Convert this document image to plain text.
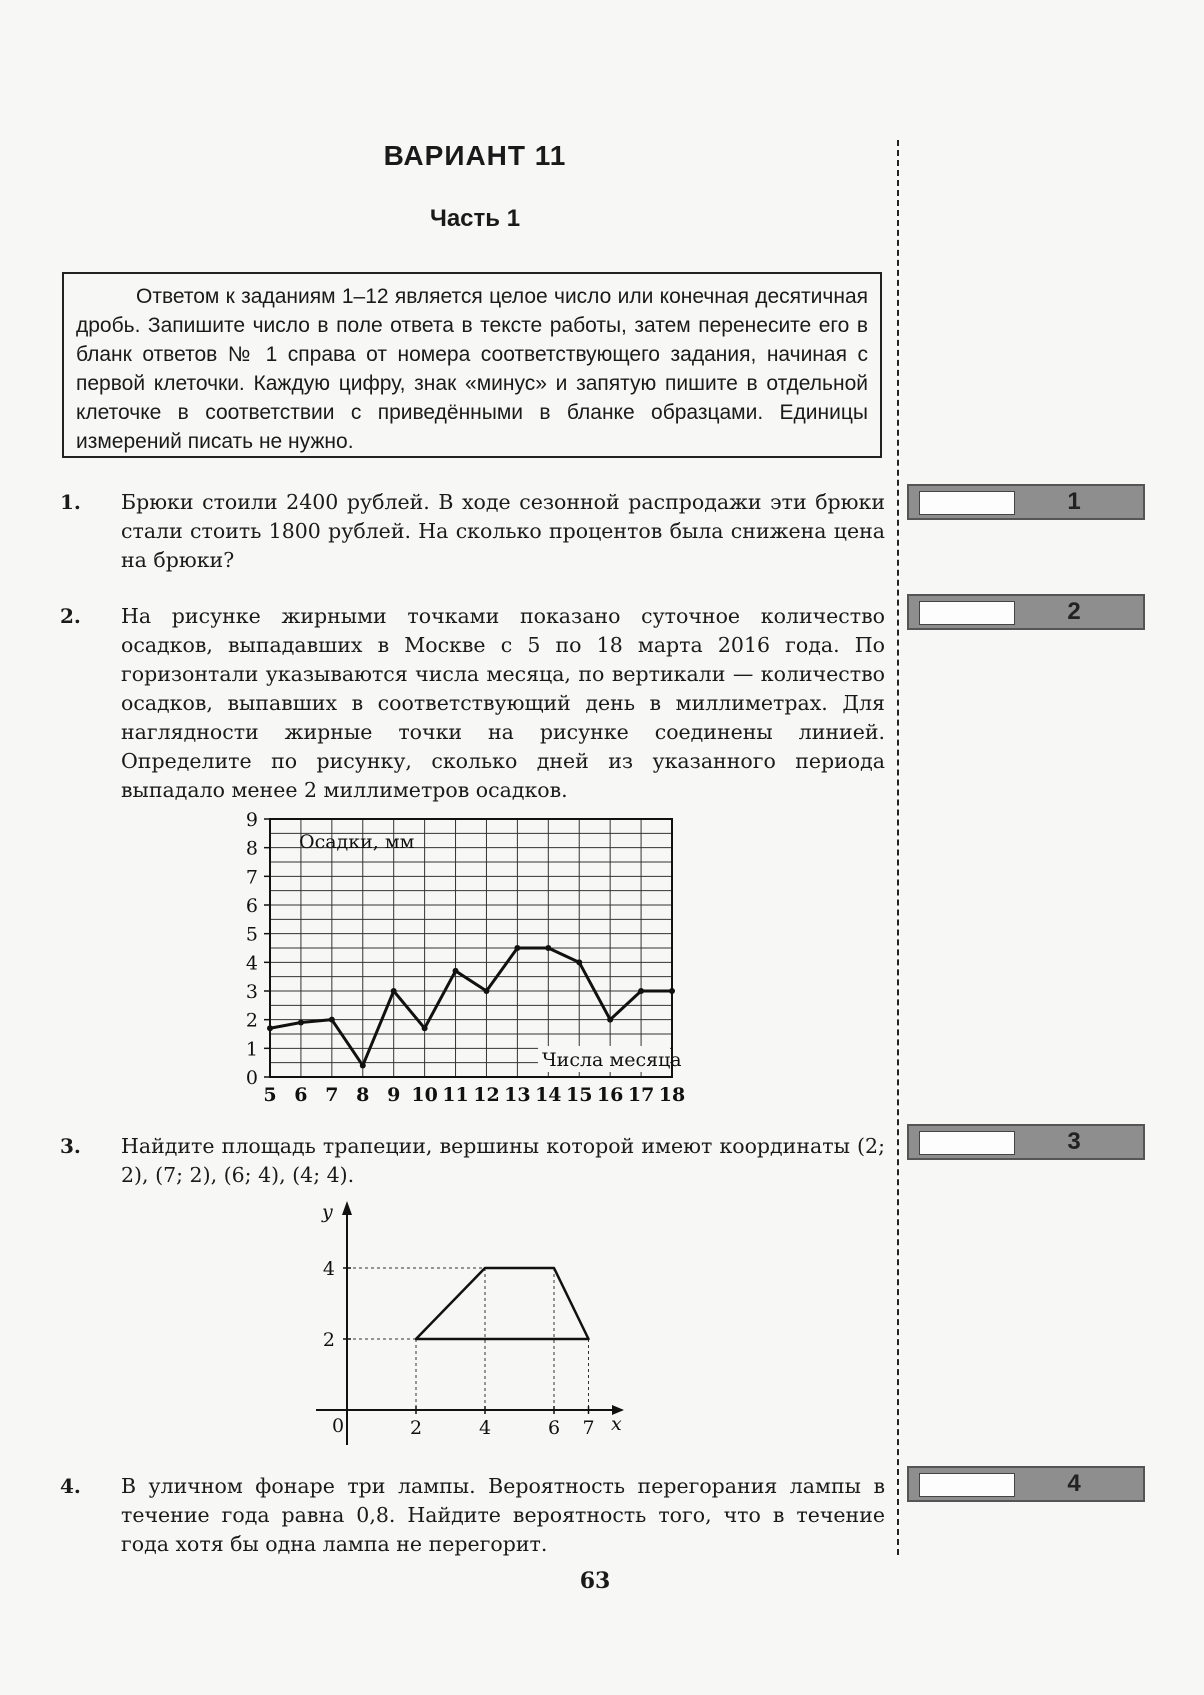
ВАРИАНТ 11
Часть 1
Ответом к заданиям 1–12 является целое число или конечная десятичная дробь. Запишите число в поле ответа в тексте работы, затем перенесите его в бланк ответов № 1 справа от номера соответствующего задания, начиная с первой клеточки. Каждую цифру, знак «минус» и запятую пишите в отдельной клеточке в соответствии с приведёнными в бланке образцами. Единицы измерений писать не нужно.
1. Брюки стоили 2400 рублей. В ходе сезонной распродажи эти брюки стали стоить 1800 рублей. На сколько процентов была снижена цена на брюки?
1
2. На рисунке жирными точками показано суточное количество осадков, выпадавших в Москве с 5 по 18 марта 2016 года. По горизонтали указываются числа месяца, по вертикали — количество осадков, выпавших в соответствующий день в миллиметрах. Для наглядности жирные точки на рисунке соединены линией. Определите по рисунку, сколько дней из указанного периода выпадало менее 2 миллиметров осадков.
2
0
1
2
3
4
5
6
7
8
9
5 6 7 8 9 10 11 12 13 14 15 16 17 18
Осадки, мм
Числа месяца
3. Найдите площадь трапеции, вершины которой имеют координаты (2; 2), (7; 2), (6; 4), (4; 4).
3
2	4	6 7
2
4
0	x
y
4. В уличном фонаре три лампы. Вероятность перегорания лампы в течение года равна 0,8. Найдите вероятность того, что в течение года хотя бы одна лампа не перегорит.
4
63
